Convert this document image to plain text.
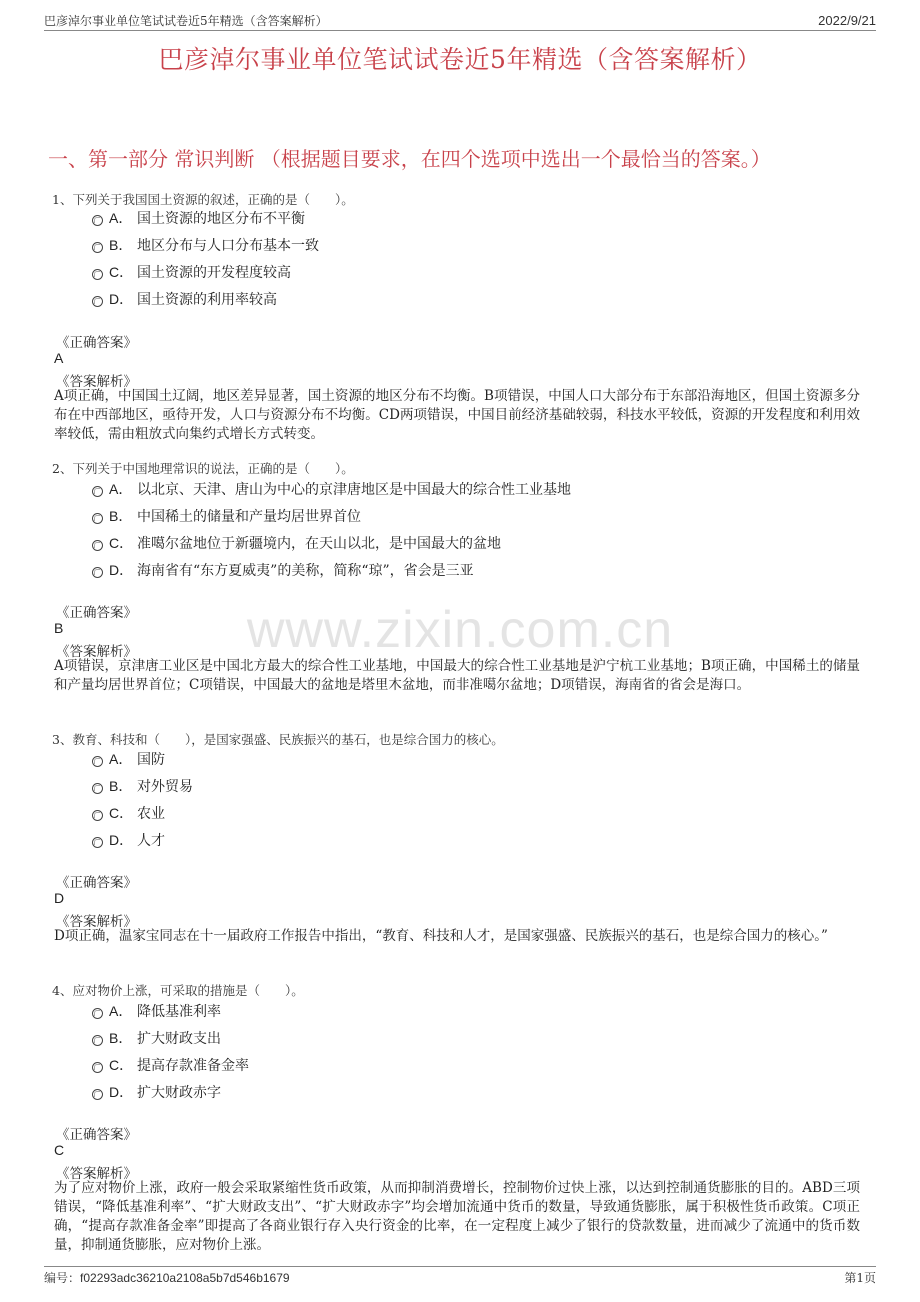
巴彦淖尔事业单位笔试试卷近5年精选（含答案解析）	2022/9/21
巴彦淖尔事业单位笔试试卷近5年精选（含答案解析）
一、第一部分 常识判断 （根据题目要求，在四个选项中选出一个最恰当的答案。）
www.zixin.com.cn
1、下列关于我国国土资源的叙述，正确的是（　　）。
A． 国土资源的地区分布不平衡
B． 地区分布与人口分布基本一致
C． 国土资源的开发程度较高
D． 国土资源的利用率较高
《正确答案》
A
《答案解析》
A项正确，中国国土辽阔，地区差异显著，国土资源的地区分布不均衡。B项错误，中国人口大部分布于东部沿海地区，但国土资源多分布在中西部地区，亟待开发，人口与资源分布不均衡。CD两项错误，中国目前经济基础较弱，科技水平较低，资源的开发程度和利用效率较低，需由粗放式向集约式增长方式转变。
2、下列关于中国地理常识的说法，正确的是（　　）。
A． 以北京、天津、唐山为中心的京津唐地区是中国最大的综合性工业基地
B． 中国稀土的储量和产量均居世界首位
C． 准噶尔盆地位于新疆境内，在天山以北，是中国最大的盆地
D． 海南省有“东方夏威夷”的美称，简称“琼”，省会是三亚
《正确答案》
B
《答案解析》
A项错误，京津唐工业区是中国北方最大的综合性工业基地，中国最大的综合性工业基地是沪宁杭工业基地；B项正确，中国稀土的储量和产量均居世界首位；C项错误，中国最大的盆地是塔里木盆地，而非准噶尔盆地；D项错误，海南省的省会是海口。
3、教育、科技和（　　），是国家强盛、民族振兴的基石，也是综合国力的核心。
A． 国防
B． 对外贸易
C． 农业
D． 人才
《正确答案》
D
《答案解析》
D项正确，温家宝同志在十一届政府工作报告中指出，“教育、科技和人才，是国家强盛、民族振兴的基石，也是综合国力的核心。”
4、应对物价上涨，可采取的措施是（　　）。
A． 降低基准利率
B． 扩大财政支出
C． 提高存款准备金率
D． 扩大财政赤字
《正确答案》
C
《答案解析》
为了应对物价上涨，政府一般会采取紧缩性货币政策，从而抑制消费增长，控制物价过快上涨，以达到控制通货膨胀的目的。ABD三项错误，“降低基准利率”、“扩大财政支出”、“扩大财政赤字”均会增加流通中货币的数量，导致通货膨胀，属于积极性货币政策。C项正确，“提高存款准备金率”即提高了各商业银行存入央行资金的比率，在一定程度上减少了银行的贷款数量，进而减少了流通中的货币数量，抑制通货膨胀，应对物价上涨。
编号：f02293adc36210a2108a5b7d546b1679	第1页
